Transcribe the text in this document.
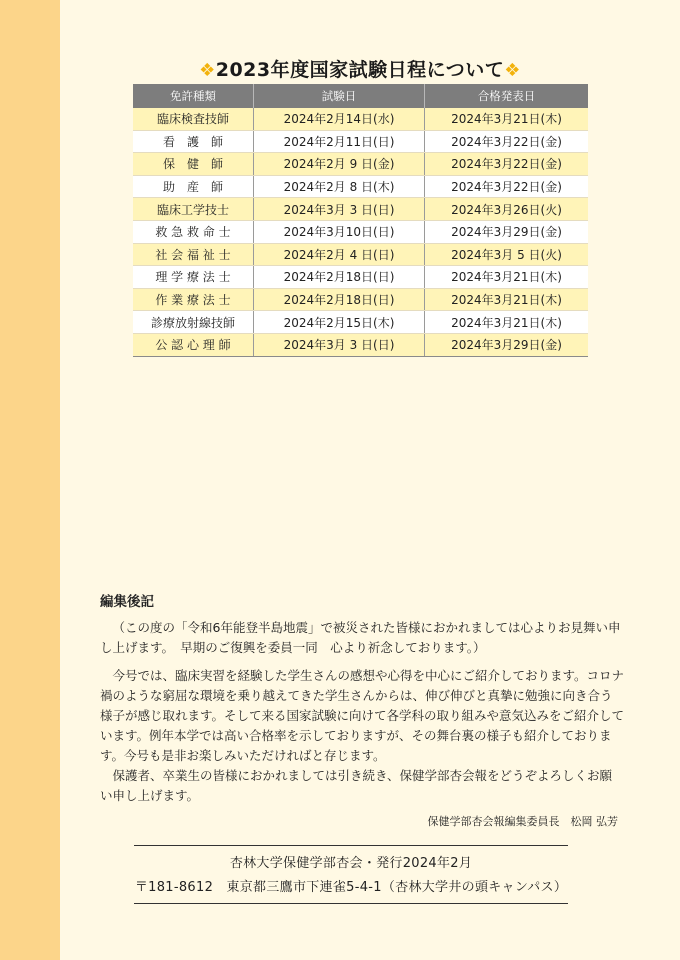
❖2023年度国家試験日程について❖
免許種類	試験日	合格発表日
臨床検査技師	2024年2月14日(水)	2024年3月21日(木)
看　護　師	2024年2月11日(日)	2024年3月22日(金)
保　健　師	2024年2月 9 日(金)	2024年3月22日(金)
助　産　師	2024年2月 8 日(木)	2024年3月22日(金)
臨床工学技士	2024年3月 3 日(日)	2024年3月26日(火)
救 急 救 命 士	2024年3月10日(日)	2024年3月29日(金)
社 会 福 祉 士	2024年2月 4 日(日)	2024年3月 5 日(火)
理 学 療 法 士	2024年2月18日(日)	2024年3月21日(木)
作 業 療 法 士	2024年2月18日(日)	2024年3月21日(木)
診療放射線技師	2024年2月15日(木)	2024年3月21日(木)
公 認 心 理 師	2024年3月 3 日(日)	2024年3月29日(金)
編集後記

（この度の「令和6年能登半島地震」で被災された皆様におかれましては心よりお見舞い申し上げます。　早期のご復興を委員一同　心より祈念しております。）

今号では、臨床実習を経験した学生さんの感想や心得を中心にご紹介しております。コロナ禍のような窮屈な環境を乗り越えてきた学生さんからは、伸び伸びと真摯に勉強に向き合う様子が感じ取れます。そして来る国家試験に向けて各学科の取り組みや意気込みをご紹介しています。例年本学では高い合格率を示しておりますが、その舞台裏の様子も紹介しております。今号も是非お楽しみいただければと存じます。

保護者、卒業生の皆様におかれましては引き続き、保健学部杏会報をどうぞよろしくお願い申し上げます。

保健学部杏会報編集委員長　松岡 弘芳
杏林大学保健学部杏会・発行2024年2月
〒181-8612　東京都三鷹市下連雀5-4-1（杏林大学井の頭キャンパス）
